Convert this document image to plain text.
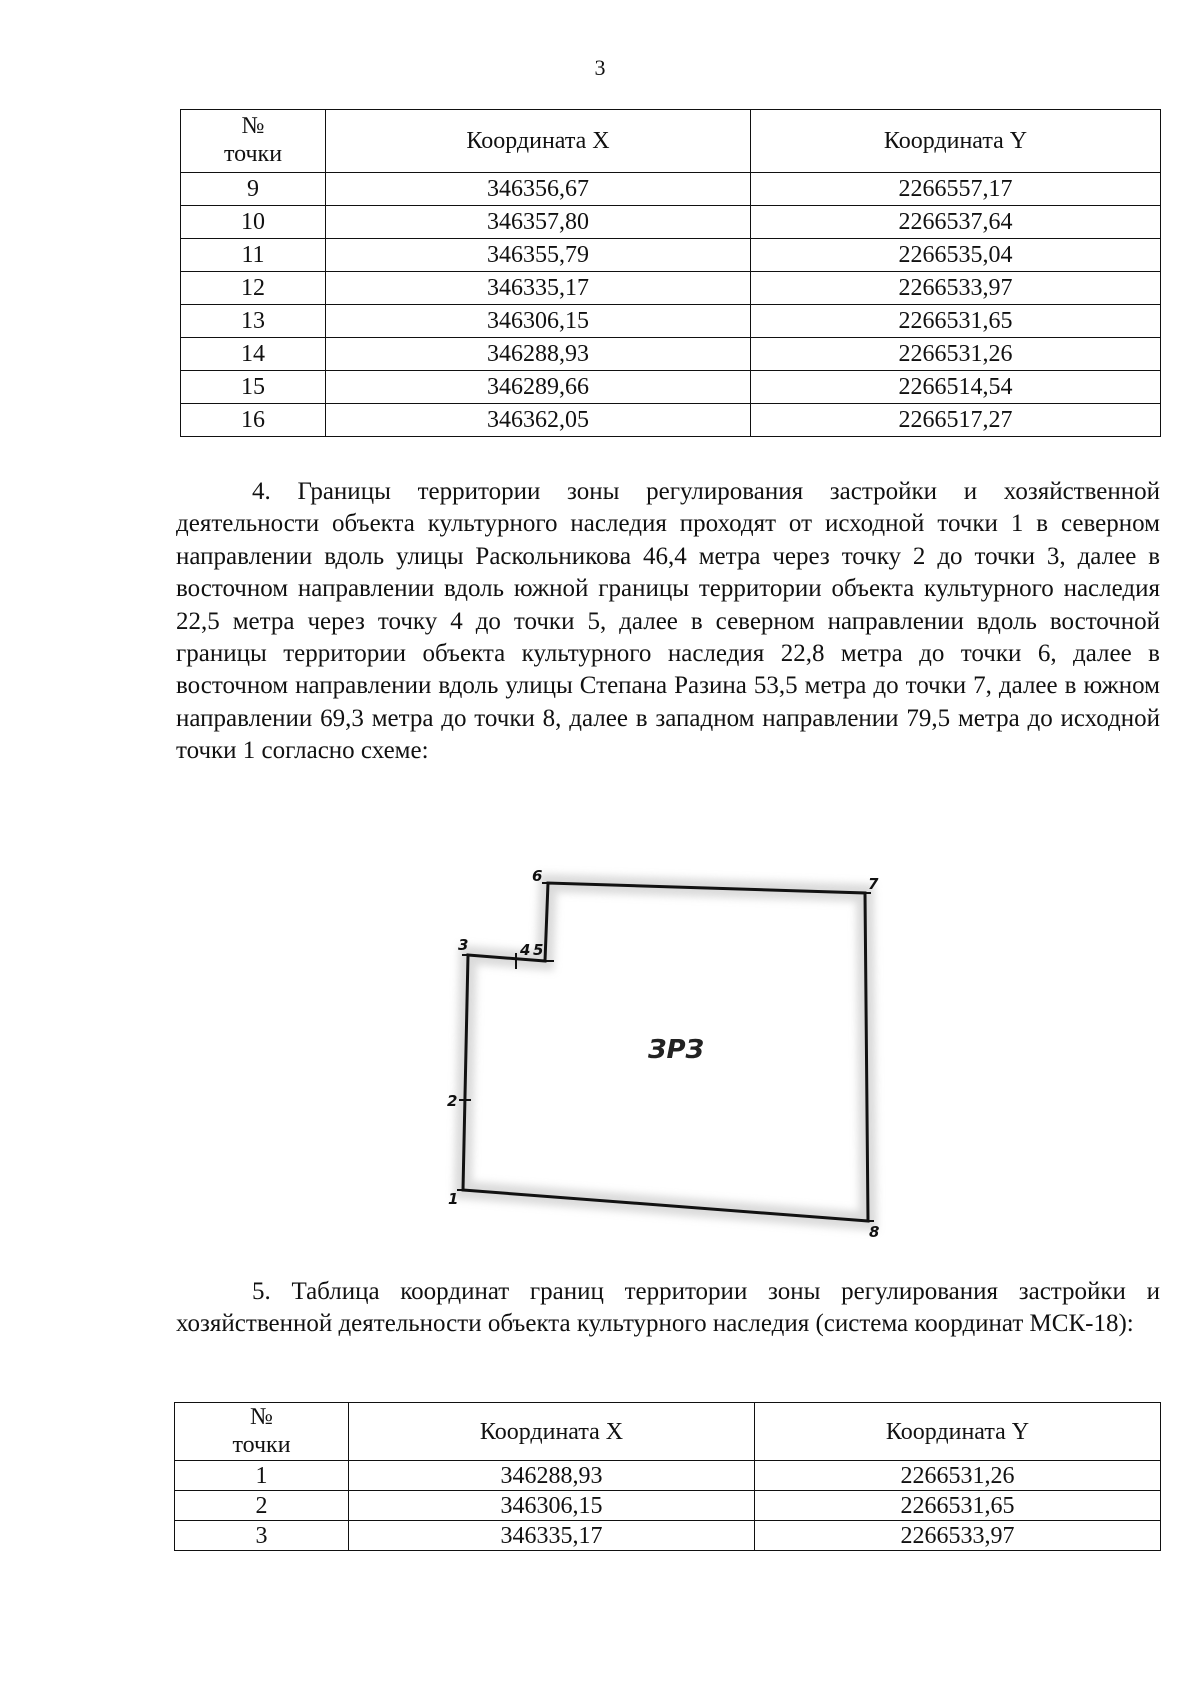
3
№
точки	Координата X	Координата Y
9	346356,67	2266557,17
10	346357,80	2266537,64
11	346355,79	2266535,04
12	346335,17	2266533,97
13	346306,15	2266531,65
14	346288,93	2266531,26
15	346289,66	2266514,54
16	346362,05	2266517,27

4. Границы территории зоны регулирования застройки и хозяйственной деятельности объекта культурного наследия проходят от исходной точки 1 в северном направлении вдоль улицы Раскольникова 46,4 метра через точку 2 до точки 3, далее в восточном направлении вдоль южной границы территории объекта культурного наследия 22,5 метра через точку 4 до точки 5, далее в северном направлении вдоль восточной границы территории объекта культурного наследия 22,8 метра до точки 6, далее в восточном направлении вдоль улицы Степана Разина 53,5 метра до точки 7, далее в южном направлении 69,3 метра до точки 8, далее в западном направлении 79,5 метра до исходной точки 1 согласно схеме:

1
2
3	4 5
6	7
8
ЗРЗ

5. Таблица координат границ территории зоны регулирования застройки и хозяйственной деятельности объекта культурного наследия (система координат МСК-18):

№
точки	Координата X	Координата Y
1	346288,93	2266531,26
2	346306,15	2266531,65
3	346335,17	2266533,97
